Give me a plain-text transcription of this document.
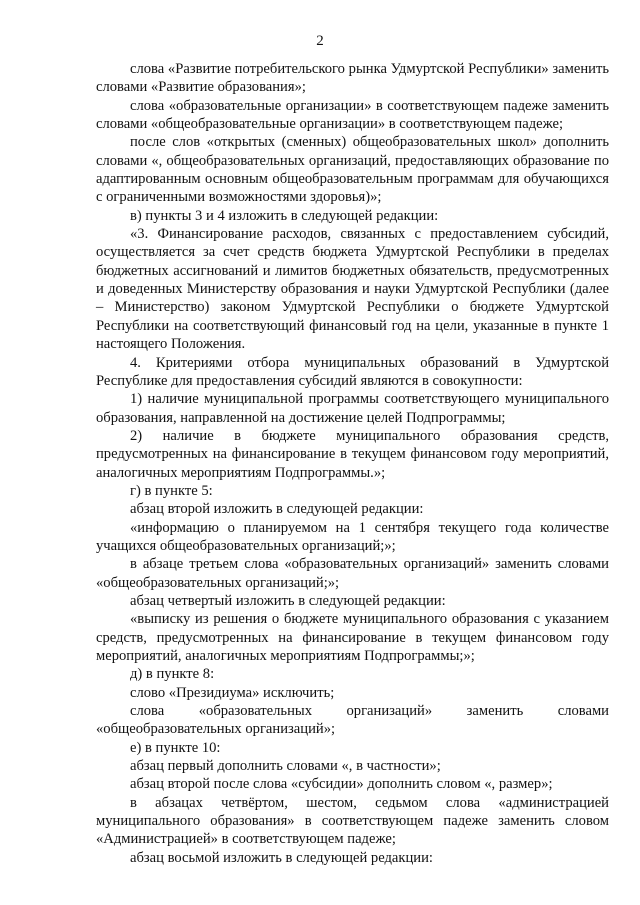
2

слова «Развитие потребительского рынка Удмуртской Республики» заменить словами «Развитие образования»;

слова «образовательные организации» в соответствующем падеже заменить словами «общеобразовательные организации» в соответствующем падеже;

после слов «открытых (сменных) общеобразовательных школ» дополнить словами «, общеобразовательных организаций, предоставляющих образование по адаптированным основным общеобразовательным программам для обучающихся с ограниченными возможностями здоровья)»;

в) пункты 3 и 4 изложить в следующей редакции:

«3. Финансирование расходов, связанных с предоставлением субсидий, осуществляется за счет средств бюджета Удмуртской Республики в пределах бюджетных ассигнований и лимитов бюджетных обязательств, предусмотренных и доведенных Министерству образования и науки Удмуртской Республики (далее – Министерство) законом Удмуртской Республики о бюджете Удмуртской Республики на соответствующий финансовый год на цели, указанные в пункте 1 настоящего Положения.

4. Критериями отбора муниципальных образований в Удмуртской Республике для предоставления субсидий являются в совокупности:

1) наличие муниципальной программы соответствующего муниципального образования, направленной на достижение целей Подпрограммы;

2) наличие в бюджете муниципального образования средств, предусмотренных на финансирование в текущем финансовом году мероприятий, аналогичных мероприятиям Подпрограммы.»;

г) в пункте 5:

абзац второй изложить в следующей редакции:

«информацию о планируемом на 1 сентября текущего года количестве учащихся общеобразовательных организаций;»;

в абзаце третьем слова «образовательных организаций» заменить словами «общеобразовательных организаций;»;

абзац четвертый изложить в следующей редакции:

«выписку из решения о бюджете муниципального образования с указанием средств, предусмотренных на финансирование в текущем финансовом году мероприятий, аналогичных мероприятиям Подпрограммы;»;

д) в пункте 8:

слово «Президиума» исключить;

слова «образовательных организаций» заменить словами «общеобразовательных организаций»;

е) в пункте 10:

абзац первый дополнить словами «, в частности»;

абзац второй после слова «субсидии» дополнить словом «, размер»;

в абзацах четвёртом, шестом, седьмом слова «администрацией муниципального образования» в соответствующем падеже заменить словом «Администрацией» в соответствующем падеже;

абзац восьмой изложить в следующей редакции:
